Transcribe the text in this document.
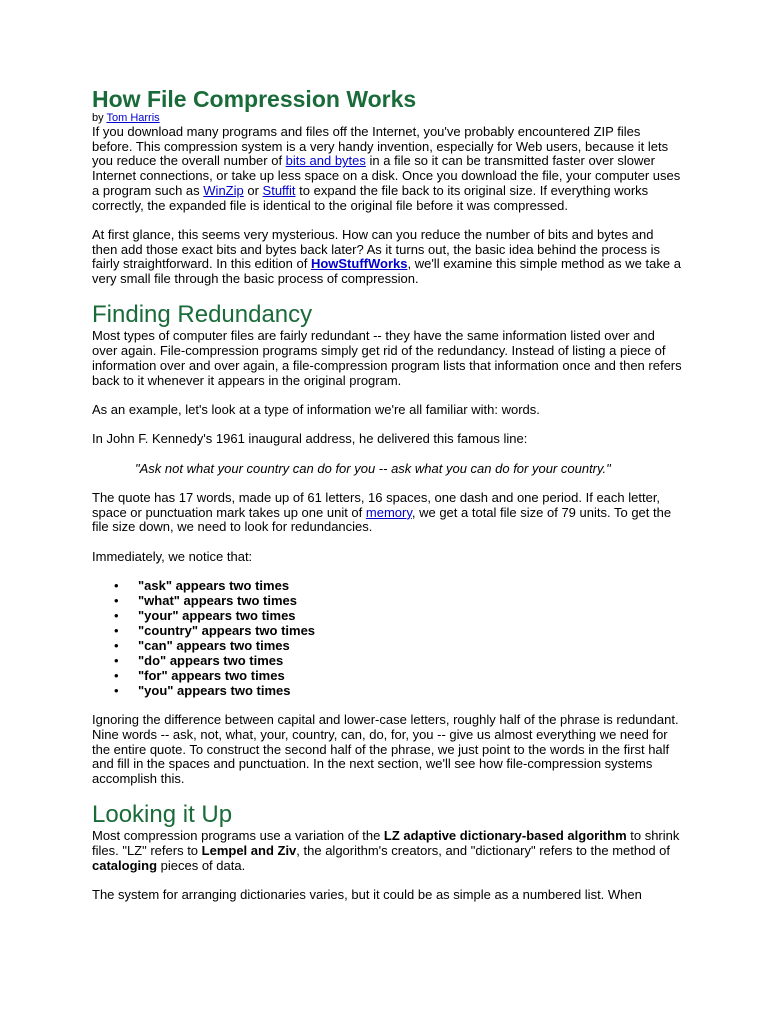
How File Compression Works
by Tom Harris

If you download many programs and files off the Internet, you've probably encountered ZIP files before. This compression system is a very handy invention, especially for Web users, because it lets you reduce the overall number of bits and bytes in a file so it can be transmitted faster over slower Internet connections, or take up less space on a disk. Once you download the file, your computer uses a program such as WinZip or Stuffit to expand the file back to its original size. If everything works correctly, the expanded file is identical to the original file before it was compressed.

At first glance, this seems very mysterious. How can you reduce the number of bits and bytes and then add those exact bits and bytes back later? As it turns out, the basic idea behind the process is fairly straightforward. In this edition of HowStuffWorks, we'll examine this simple method as we take a very small file through the basic process of compression.

Finding Redundancy

Most types of computer files are fairly redundant -- they have the same information listed over and over again. File-compression programs simply get rid of the redundancy. Instead of listing a piece of information over and over again, a file-compression program lists that information once and then refers back to it whenever it appears in the original program.

As an example, let's look at a type of information we're all familiar with: words.

In John F. Kennedy's 1961 inaugural address, he delivered this famous line:

"Ask not what your country can do for you -- ask what you can do for your country."

The quote has 17 words, made up of 61 letters, 16 spaces, one dash and one period. If each letter, space or punctuation mark takes up one unit of memory, we get a total file size of 79 units. To get the file size down, we need to look for redundancies.

Immediately, we notice that:

• "ask" appears two times
• "what" appears two times
• "your" appears two times
• "country" appears two times
• "can" appears two times
• "do" appears two times
• "for" appears two times
• "you" appears two times

Ignoring the difference between capital and lower-case letters, roughly half of the phrase is redundant. Nine words -- ask, not, what, your, country, can, do, for, you -- give us almost everything we need for the entire quote. To construct the second half of the phrase, we just point to the words in the first half and fill in the spaces and punctuation. In the next section, we'll see how file-compression systems accomplish this.

Looking it Up

Most compression programs use a variation of the LZ adaptive dictionary-based algorithm to shrink files. "LZ" refers to Lempel and Ziv, the algorithm's creators, and "dictionary" refers to the method of cataloging pieces of data.

The system for arranging dictionaries varies, but it could be as simple as a numbered list. When
